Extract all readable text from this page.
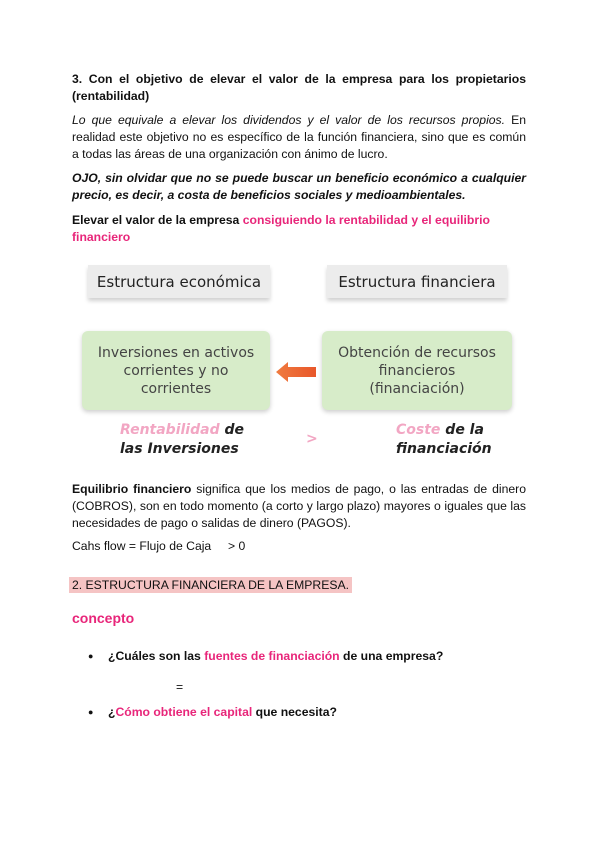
3. Con el objetivo de elevar el valor de la empresa para los propietarios (rentabilidad)
Lo que equivale a elevar los dividendos y el valor de los recursos propios. En realidad este objetivo no es específico de la función financiera, sino que es común a todas las áreas de una organización con ánimo de lucro.
OJO, sin olvidar que no se puede buscar un beneficio económico a cualquier precio, es decir, a costa de beneficios sociales y medioambientales.
Elevar el valor de la empresa consiguiendo la rentabilidad y el equilibrio financiero
Estructura económica	Estructura financiera
Inversiones en activos corrientes y no corrientes
Obtención de recursos financieros (financiación)
Rentabilidad de
las Inversiones
>
Coste de la
financiación
Equilibrio financiero significa que los medios de pago, o las entradas de dinero (COBROS), son en todo momento (a corto y largo plazo) mayores o iguales que las necesidades de pago o salidas de dinero (PAGOS).
Cahs flow = Flujo de Caja > 0
2. ESTRUCTURA FINANCIERA DE LA EMPRESA.
concepto
● ¿Cuáles son las fuentes de financiación de una empresa?
=
● ¿Cómo obtiene el capital que necesita?
